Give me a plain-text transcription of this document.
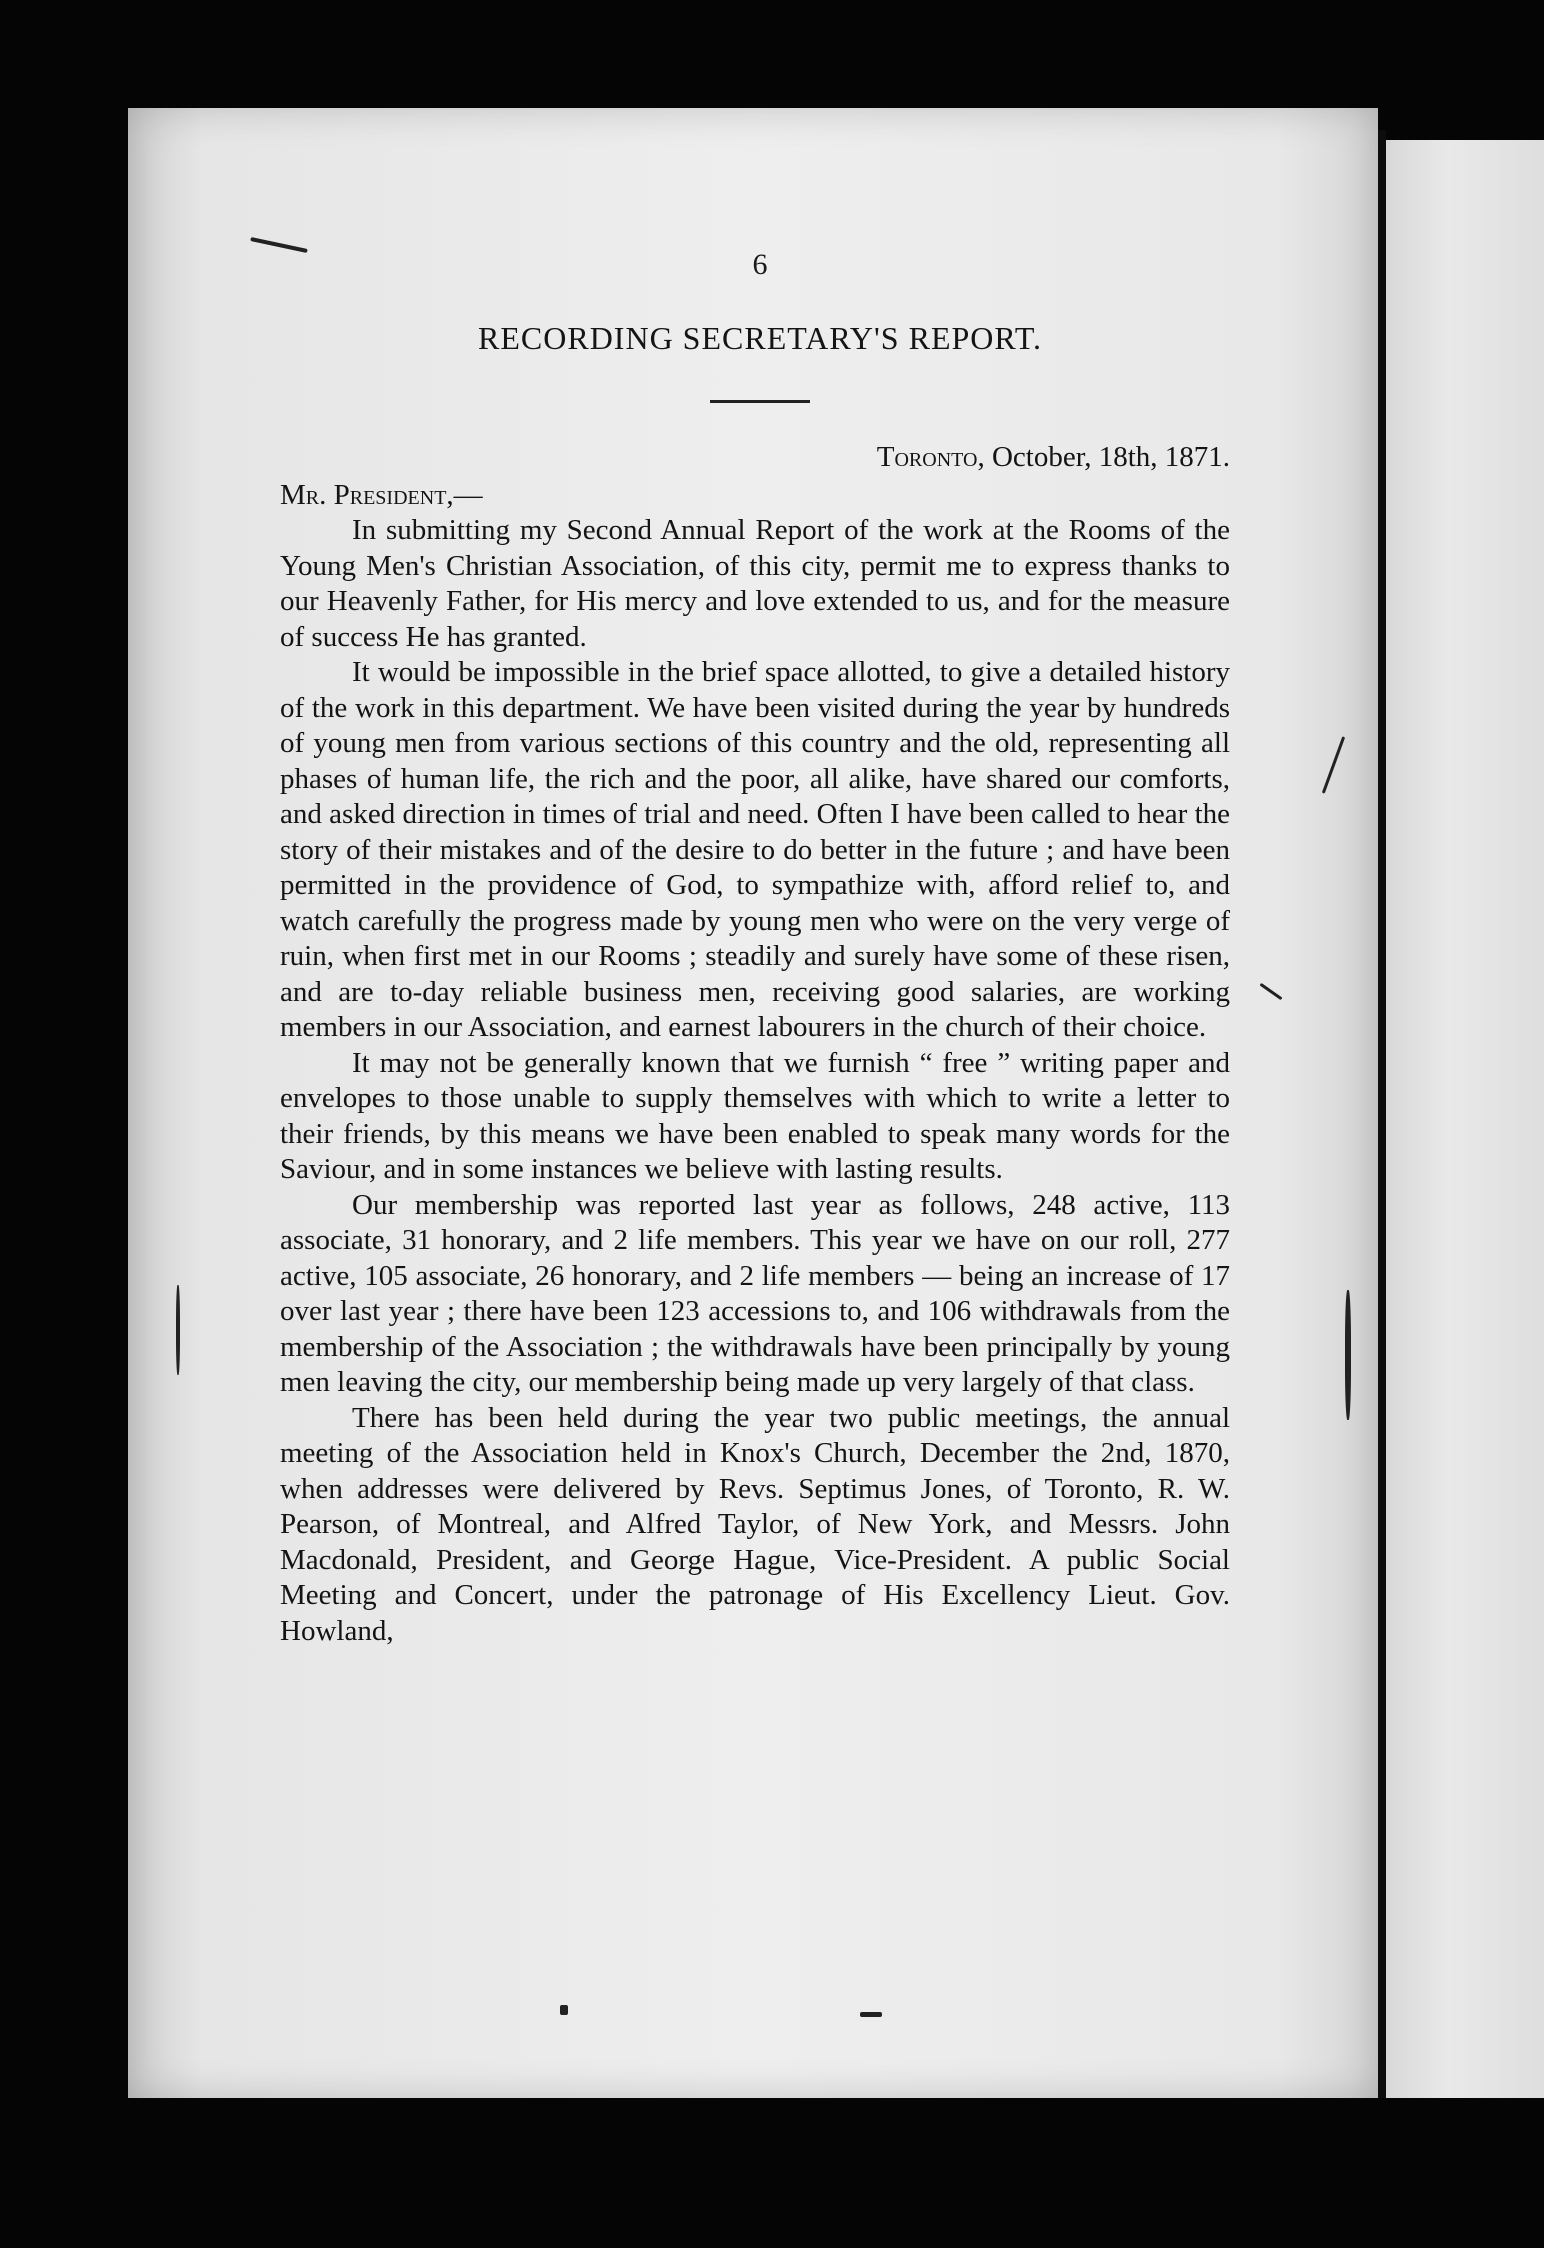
6
RECORDING SECRETARY'S REPORT.

Toronto, October, 18th, 1871.

Mr. President,—

In submitting my Second Annual Report of the work at the Rooms of the Young Men's Christian Association, of this city, permit me to express thanks to our Heavenly Father, for His mercy and love extended to us, and for the measure of success He has granted.

It would be impossible in the brief space allotted, to give a detailed history of the work in this department. We have been visited during the year by hundreds of young men from various sections of this country and the old, representing all phases of human life, the rich and the poor, all alike, have shared our comforts, and asked direction in times of trial and need. Often I have been called to hear the story of their mistakes and of the desire to do better in the future ; and have been permitted in the providence of God, to sympathize with, afford relief to, and watch carefully the progress made by young men who were on the very verge of ruin, when first met in our Rooms ; steadily and surely have some of these risen, and are to-day reliable business men, receiving good salaries, are working members in our Association, and earnest labourers in the church of their choice.

It may not be generally known that we furnish “ free ” writing paper and envelopes to those unable to supply themselves with which to write a letter to their friends, by this means we have been enabled to speak many words for the Saviour, and in some instances we believe with lasting results.

Our membership was reported last year as follows, 248 active, 113 associate, 31 honorary, and 2 life members. This year we have on our roll, 277 active, 105 associate, 26 honorary, and 2 life members — being an increase of 17 over last year ; there have been 123 accessions to, and 106 withdrawals from the membership of the Association ; the withdrawals have been principally by young men leaving the city, our membership being made up very largely of that class.

There has been held during the year two public meetings, the annual meeting of the Association held in Knox's Church, December the 2nd, 1870, when addresses were delivered by Revs. Septimus Jones, of Toronto, R. W. Pearson, of Montreal, and Alfred Taylor, of New York, and Messrs. John Macdonald, President, and George Hague, Vice-President. A public Social Meeting and Concert, under the patronage of His Excellency Lieut. Gov. Howland,
